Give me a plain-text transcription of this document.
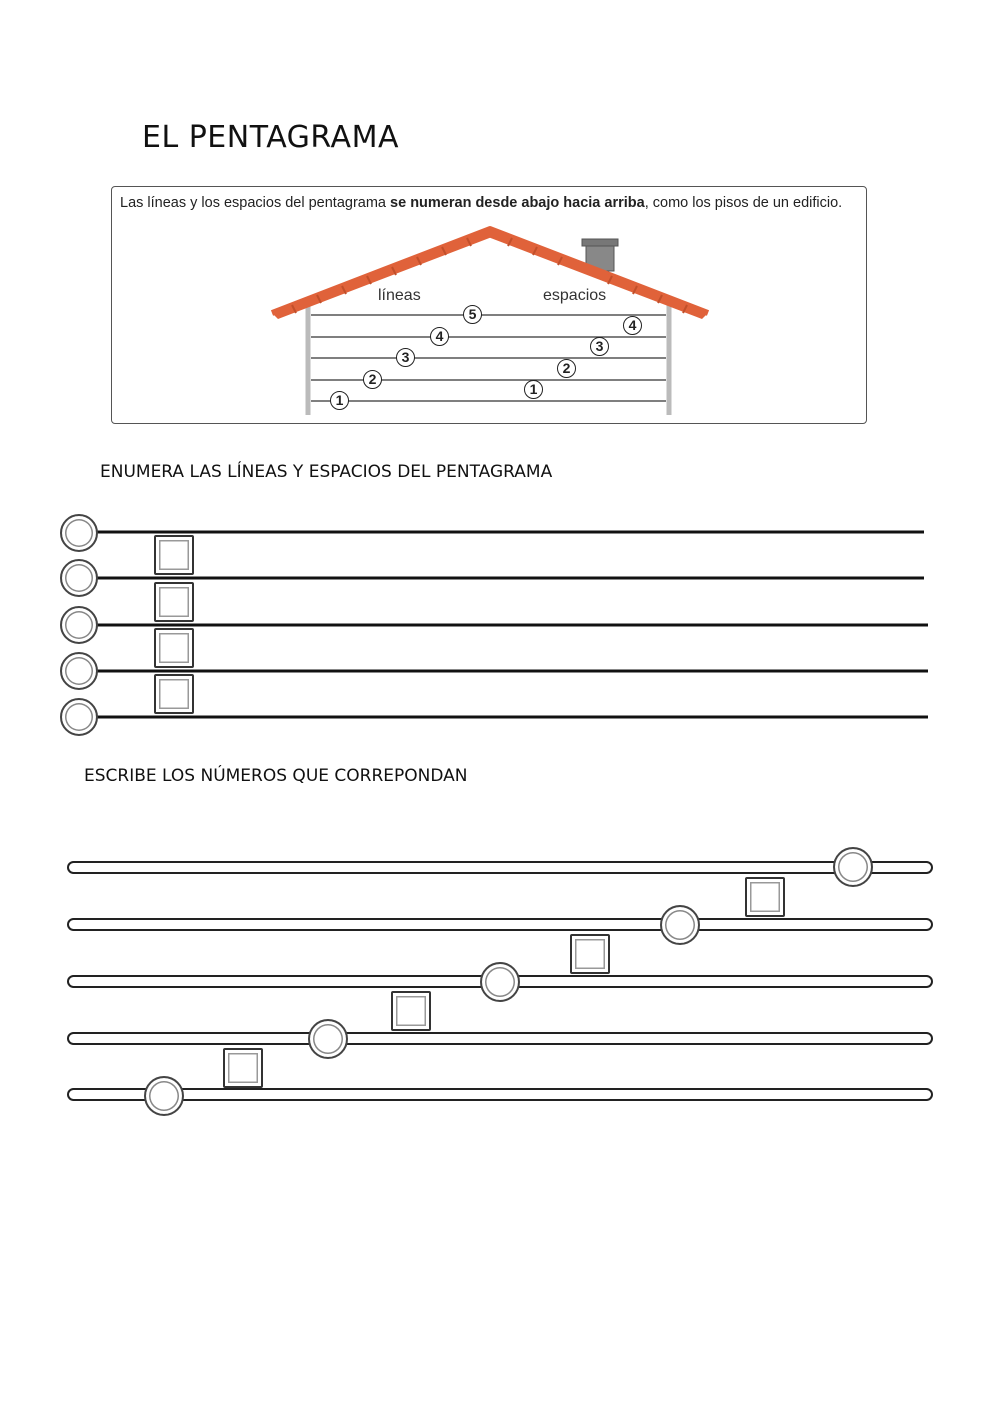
EL PENTAGRAMA
Las líneas y los espacios del pentagrama se numeran desde abajo hacia arriba, como los pisos de un edificio.
líneas	espacios
1
2
3
4
5
1
2
3
4
ENUMERA LAS LÍNEAS Y ESPACIOS DEL PENTAGRAMA
ESCRIBE LOS NÚMEROS QUE CORREPONDAN
